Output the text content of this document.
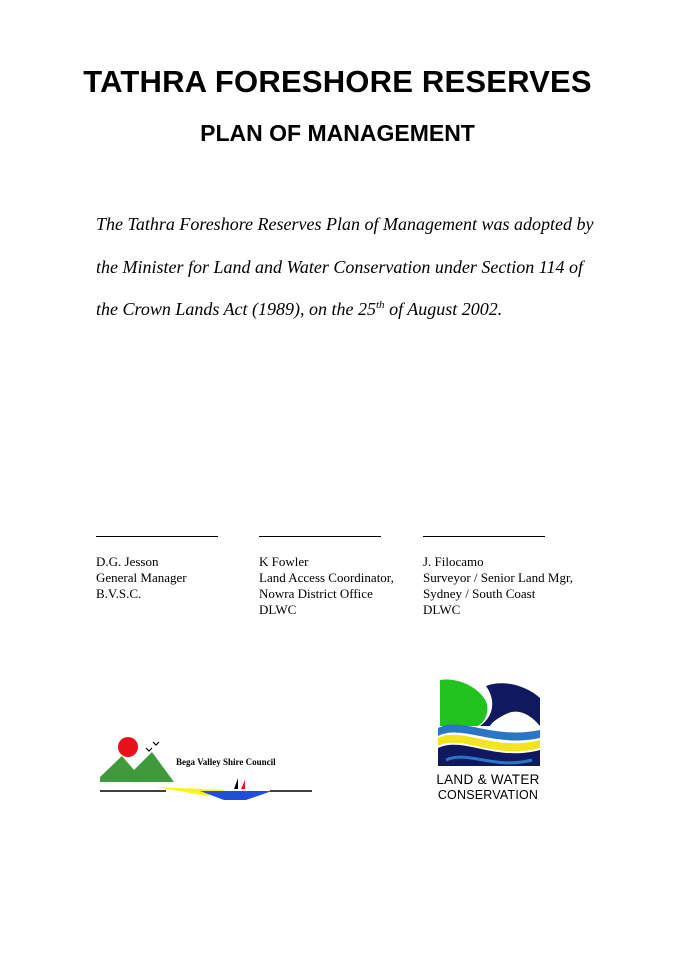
TATHRA FORESHORE RESERVES
PLAN OF MANAGEMENT
The Tathra Foreshore Reserves Plan of Management was adopted by
the Minister for Land and Water Conservation under Section 114 of
the Crown Lands Act (1989), on the 25th of August 2002.
D.G. Jesson
General Manager
B.V.S.C.
K Fowler
Land Access Coordinator,
Nowra District Office
DLWC
J. Filocamo
Surveyor / Senior Land Mgr,
Sydney / South Coast
DLWC
Bega Valley Shire Council
LAND & WATER
CONSERVATION
